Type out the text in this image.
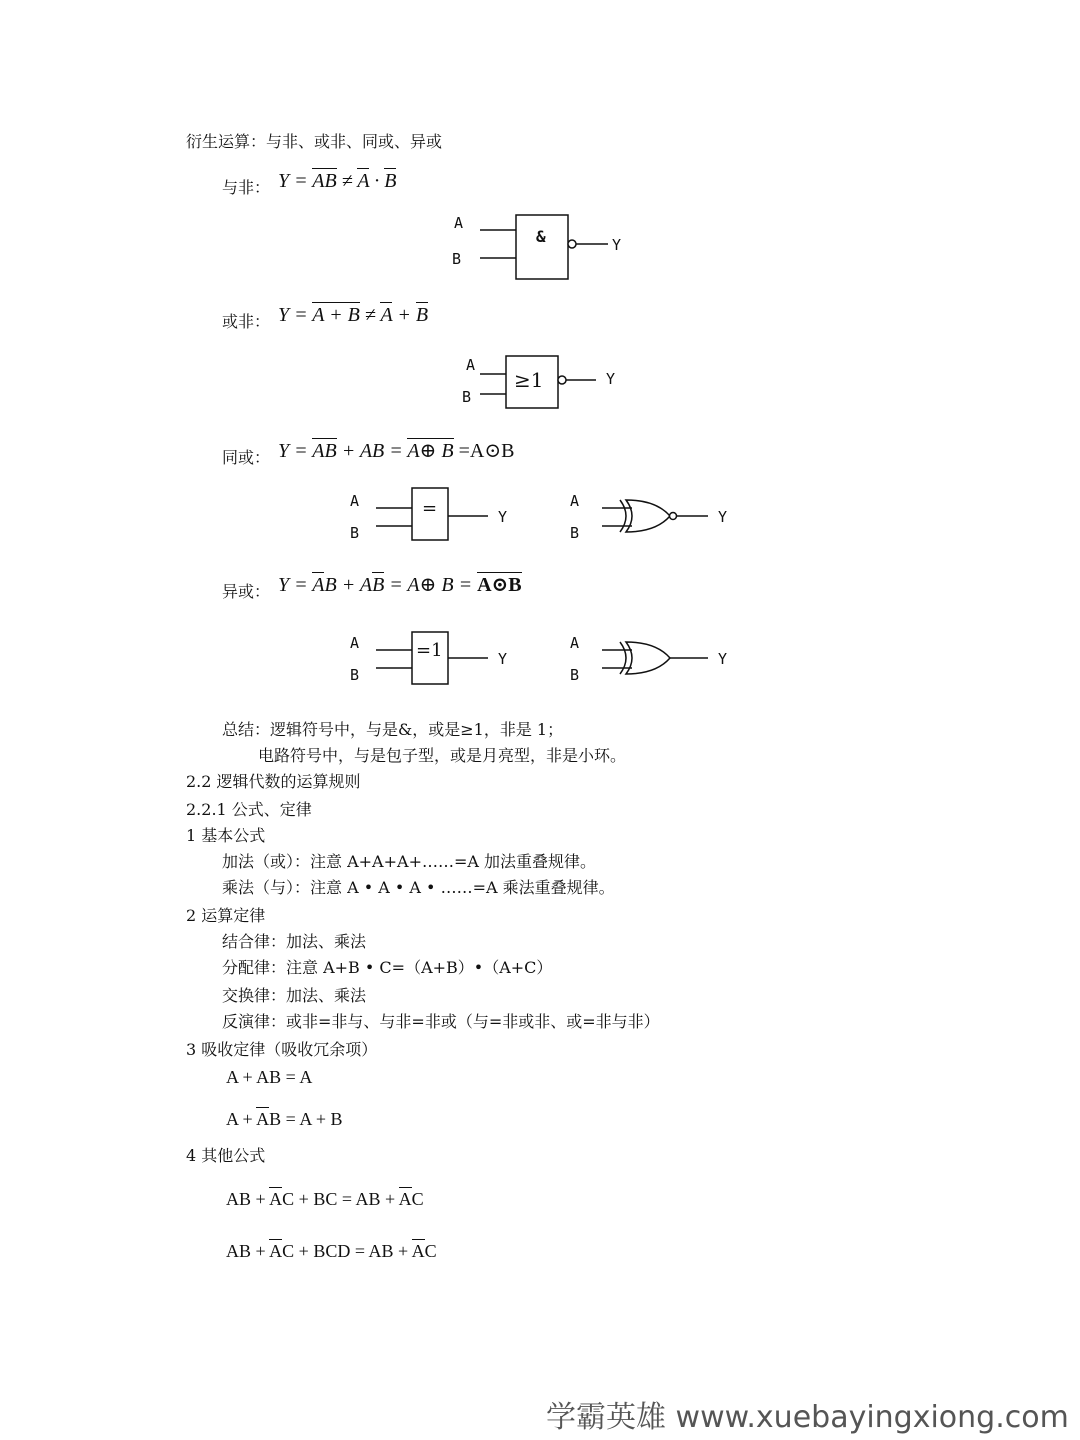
衍生运算：与非、或非、同或、异或
与非： Y = AB ≠ A · B
A
B
&	Y
或非： Y = A + B ≠ A + B
A
B
≥1	Y
同或： Y = AB + AB = A⊕ B =A⊙B
A
B
=	Y
A
B
Y
异或： Y = AB + AB = A⊕ B = A⊙B
A
B
=1	Y
A
B
Y
总结：逻辑符号中，与是&，或是≥1，非是 1；
电路符号中，与是包子型，或是月亮型，非是小环。
2.2 逻辑代数的运算规则
2.2.1 公式、定律
1 基本公式
加法（或）：注意 A+A+A+……=A 加法重叠规律。
乘法（与）：注意 A • A • A • ……=A 乘法重叠规律。
2 运算定律
结合律：加法、乘法
分配律：注意 A+B • C=（A+B）•（A+C）
交换律：加法、乘法
反演律：或非=非与、与非=非或（与=非或非、或=非与非）
3 吸收定律（吸收冗余项）
A + AB = A
A + AB = A + B
4 其他公式
AB + AC + BC = AB + AC
AB + AC + BCD = AB + AC
学霸英雄 www.xuebayingxiong.com
